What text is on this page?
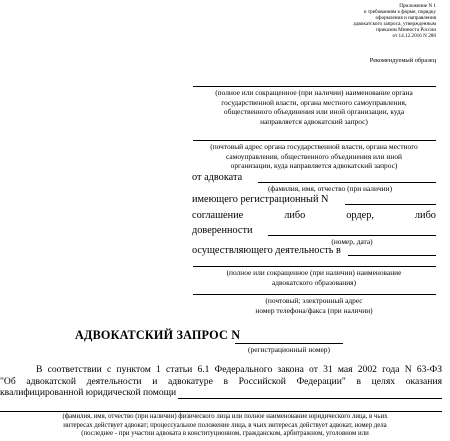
Приложение N 1
к требованиям к форме, порядку
оформления и направления
адвокатского запроса, утвержденным
приказом Минюста России
от 14.12.2016 N 288
Рекомендуемый образец
(полное или сокращенное (при наличии) наименование органа
государственной власти, органа местного самоуправления,
общественного объединения или иной организации, куда
направляется адвокатский запрос)
(почтовый адрес органа государственной власти, органа местного
самоуправления, общественного объединения или иной
организации, куда направляется адвокатский запрос)
от адвоката
(фамилия, имя, отчество (при наличии)
имеющего регистрационный N
соглашение	либо	ордер,	либо
доверенности
(номер, дата)
осуществляющего деятельность в
(полное или сокращенное (при наличии) наименование
адвокатского образования)
(почтовый; электронный адрес
номер телефона/факса (при наличии)
АДВОКАТСКИЙ ЗАПРОС N
(регистрационный номер)
В соответствии с пунктом 1 статьи 6.1 Федерального закона от 31 мая 2002 года N 63-ФЗ
"Об адвокатской деятельности и адвокатуре в Российской Федерации" в целях оказания
квалифицированной юридической помощи
(фамилия, имя, отчество (при наличии) физического лица или полное наименование юридического лица, в чьих
интересах действует адвокат; процессуальное положение лица, в чьих интересах действует адвокат, номер дела
(последнее - при участии адвоката в конституционном, гражданском, арбитражном, уголовном или
